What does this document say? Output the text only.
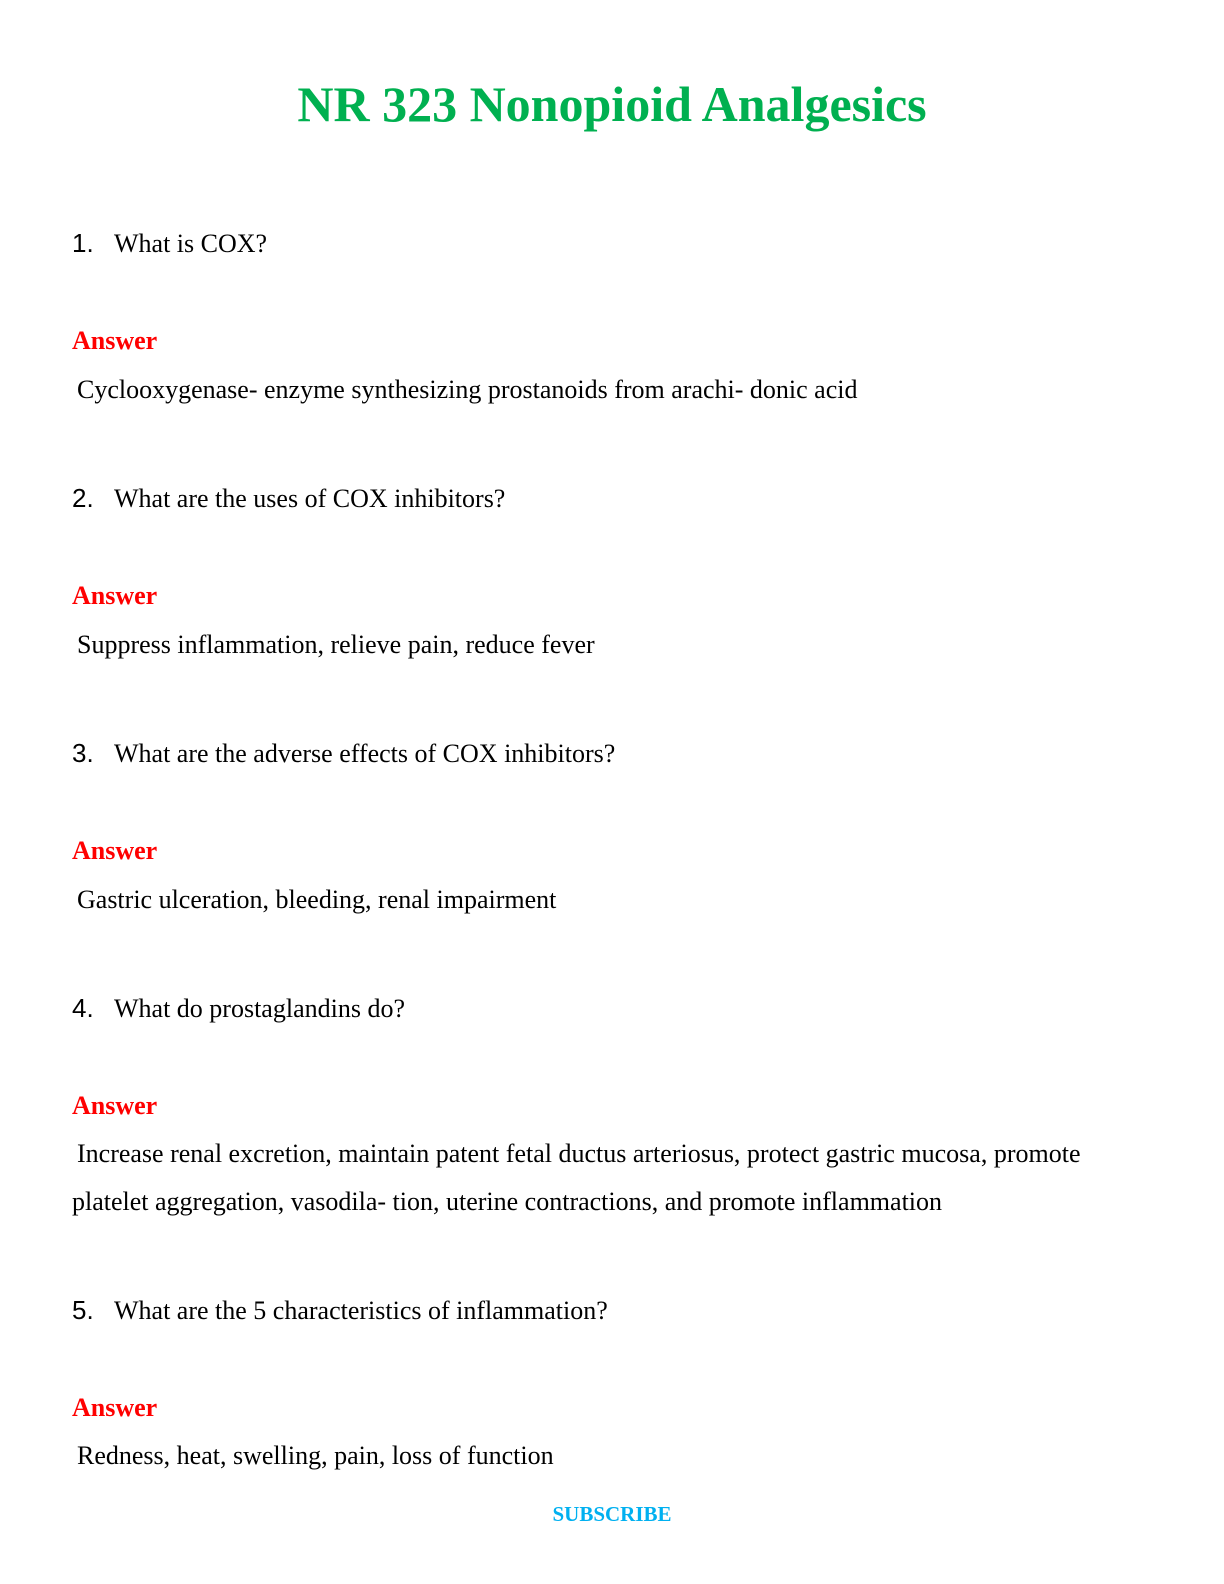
NR 323 Nonopioid Analgesics
1. What is COX?
Answer
Cyclooxygenase- enzyme synthesizing prostanoids from arachi- donic acid
2. What are the uses of COX inhibitors?
Answer
Suppress inflammation, relieve pain, reduce fever
3. What are the adverse effects of COX inhibitors?
Answer
Gastric ulceration, bleeding, renal impairment
4. What do prostaglandins do?
Answer
Increase renal excretion, maintain patent fetal ductus arteriosus, protect gastric mucosa, promote platelet aggregation, vasodila- tion, uterine contractions, and promote inflammation
5. What are the 5 characteristics of inflammation?
Answer
Redness, heat, swelling, pain, loss of function
SUBSCRIBE
